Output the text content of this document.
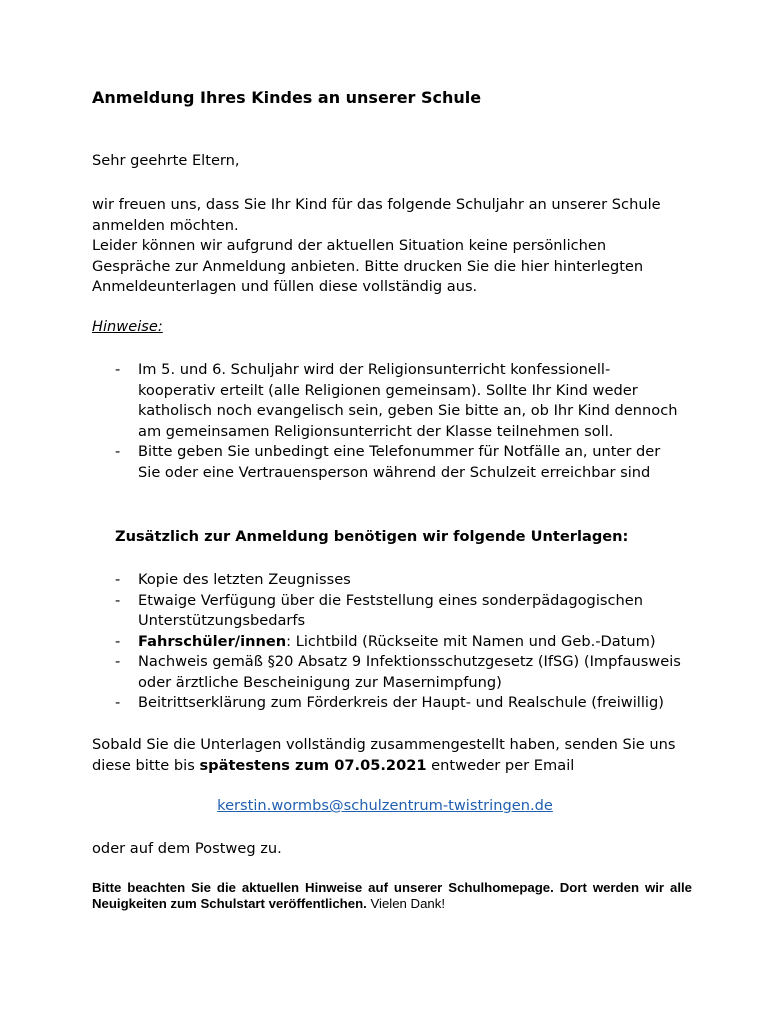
Anmeldung Ihres Kindes an unserer Schule
Sehr geehrte Eltern,
wir freuen uns, dass Sie Ihr Kind für das folgende Schuljahr an unserer Schule anmelden möchten.
Leider können wir aufgrund der aktuellen Situation keine persönlichen Gespräche zur Anmeldung anbieten. Bitte drucken Sie die hier hinterlegten Anmeldeunterlagen und füllen diese vollständig aus.
Hinweise:
- Im 5. und 6. Schuljahr wird der Religionsunterricht konfessionell-kooperativ erteilt (alle Religionen gemeinsam). Sollte Ihr Kind weder katholisch noch evangelisch sein, geben Sie bitte an, ob Ihr Kind dennoch am gemeinsamen Religionsunterricht der Klasse teilnehmen soll.
- Bitte geben Sie unbedingt eine Telefonummer für Notfälle an, unter der Sie oder eine Vertrauensperson während der Schulzeit erreichbar sind
Zusätzlich zur Anmeldung benötigen wir folgende Unterlagen:
- Kopie des letzten Zeugnisses
- Etwaige Verfügung über die Feststellung eines sonderpädagogischen Unterstützungsbedarfs
- Fahrschüler/innen: Lichtbild (Rückseite mit Namen und Geb.-Datum)
- Nachweis gemäß §20 Absatz 9 Infektionsschutzgesetz (IfSG) (Impfausweis oder ärztliche Bescheinigung zur Masernimpfung)
- Beitrittserklärung zum Förderkreis der Haupt- und Realschule (freiwillig)
Sobald Sie die Unterlagen vollständig zusammengestellt haben, senden Sie uns diese bitte bis spätestens zum 07.05.2021 entweder per Email
kerstin.wormbs@schulzentrum-twistringen.de
oder auf dem Postweg zu.
Bitte beachten Sie die aktuellen Hinweise auf unserer Schulhomepage. Dort werden wir alle Neuigkeiten zum Schulstart veröffentlichen. Vielen Dank!
